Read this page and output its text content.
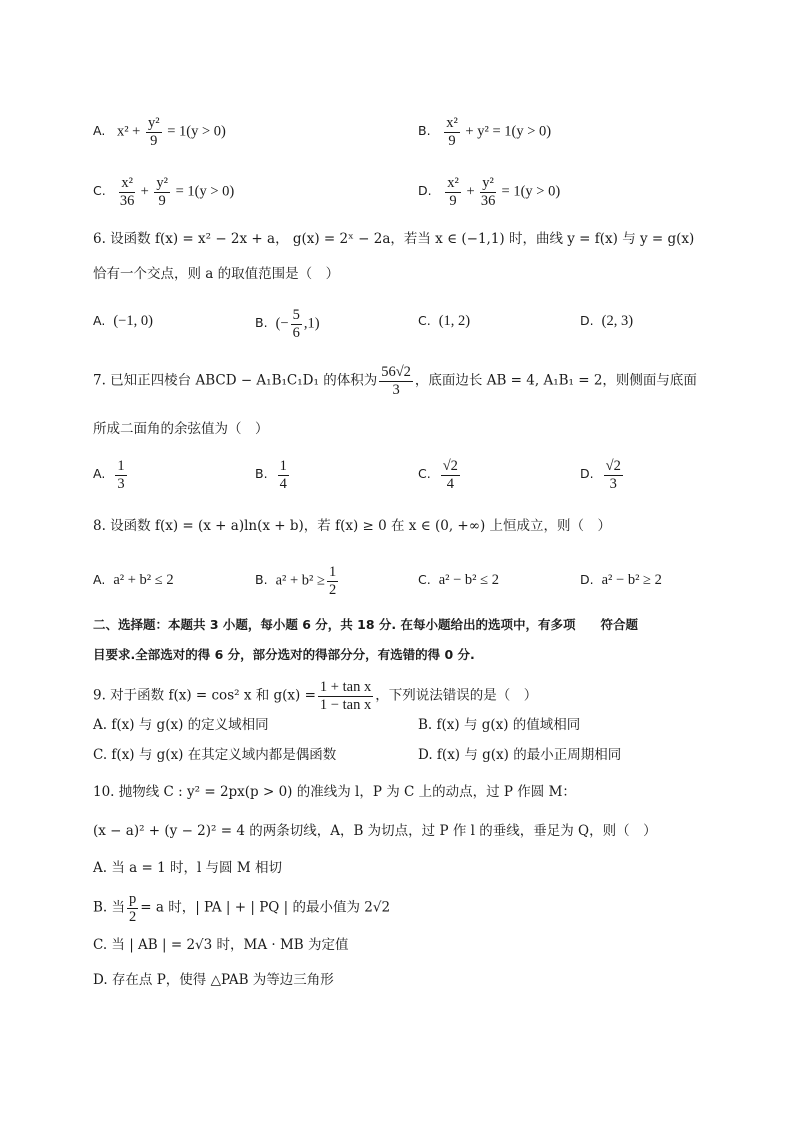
A. $x^2 + \frac{\text{y²}}{9} = 1(y > 0)$	B. $\frac{\text{x²}}{9} + y^2 = 1(y > 0)$
C. $\frac{\text{x²}}{36} + \frac{\text{y²}}{9} = 1(y > 0)$	D. $\frac{\text{x²}}{9} + \frac{\text{y²}}{36} = 1(y > 0)$
6. 设函数 f(x) = x² − 2x + a， g(x) = 2ˣ − 2a，若当 x ∈ (−1,1) 时，曲线 y = f(x) 与 y = g(x)
恰有一个交点，则 a 的取值范围是（　）
A. (−1, 0)	B. (− $\frac{5}{6} ,1$)	C. (1, 2)	D. (2, 3)
7. 已知正四棱台 ABCD − A₁B₁C₁D₁ 的体积为 $\frac{56√2}{3}$ ，底面边长 AB = 4, A₁B₁ = 2，则侧面与底面
所成二面角的余弦值为（　）
A. $\frac{1}{3}$	B. $\frac{1}{4}$	C. $\frac{√2}{4}$	D. $\frac{√2}{3}$
8. 设函数 f(x) = (x + a)ln(x + b)，若 f(x) ≥ 0 在 x ∈ (0, +∞) 上恒成立，则（　）
A. a² + b² ≤ 2	B. $a^2 + b^2 \ge \frac{1}{2}$	C. a² − b² ≤ 2	D. a² − b² ≥ 2
二、选择题：本题共 3 小题，每小题 6 分，共 18 分. 在每小题给出的选项中，有多项　　符合题
目要求.全部选对的得 6 分，部分选对的得部分分，有选错的得 0 分.
9. 对于函数 f(x) = cos² x 和 $g(x) = \frac{\text{1 + tan x}}{\text{1 − tan x}}$ ，下列说法错误的是（　）
A. f(x) 与 g(x) 的定义域相同	B. f(x) 与 g(x) 的值域相同
C. f(x) 与 g(x) 在其定义域内都是偶函数	D. f(x) 与 g(x) 的最小正周期相同
10. 抛物线 C : y² = 2px(p > 0) 的准线为 l，P 为 C 上的动点，过 P 作圆 M：
(x − a)² + (y − 2)² = 4 的两条切线，A，B 为切点，过 P 作 l 的垂线，垂足为 Q，则（　）
A. 当 a = 1 时，l 与圆 M 相切
B. 当 $\frac{p}{2} = a$ 时，| PA | + | PQ | 的最小值为 2√2
C. 当 | AB | = 2√3 时，MA · MB 为定值
D. 存在点 P，使得 △PAB 为等边三角形
